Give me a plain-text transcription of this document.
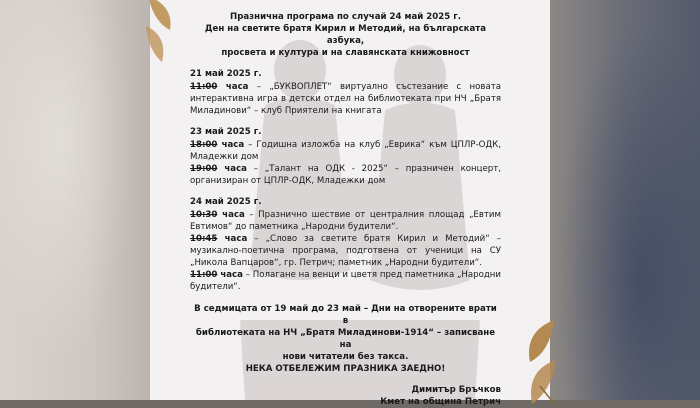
Празнична програма по случай 24 май 2025 г.
Ден на светите братя Кирил и Методий, на българската азбука,
просвета и култура и на славянската книжовност
21 май 2025 г.
11:00 часа – „БУКВОПЛЕТ“ виртуално състезание с новата интерактивна игра в детски отдел на библиотеката при НЧ „Братя Миладинови“ – клуб Приятели на книгата
23 май 2025 г.
18:00 часа – Годишна изложба на клуб „Еврика“ към ЦПЛР-ОДК, Младежки дом
19:00 часа – „Талант на ОДК - 2025“ – празничен концерт, организиран от ЦПЛР-ОДК, Младежки дом
24 май 2025 г.
10:30 часа – Празнично шествие от централния площад „Евтим Евтимов“ до паметника „Народни будители“.
10:45 часа – „Слово за светите братя Кирил и Методий“ – музикално-поетична програма, подготвена от ученици на СУ „Никола Вапцаров“, гр. Петрич; паметник „Народни будители“.
11:00 часа – Полагане на венци и цветя пред паметника „Народни будители“.
В седмицата от 19 май до 23 май – Дни на отворените врати в
библиотеката на НЧ „Братя Миладинови-1914“ – записване на
нови читатели без такса.
НЕКА ОТБЕЛЕЖИМ ПРАЗНИКА ЗАЕДНО!
Димитър Бръчков
Кмет на община Петрич
